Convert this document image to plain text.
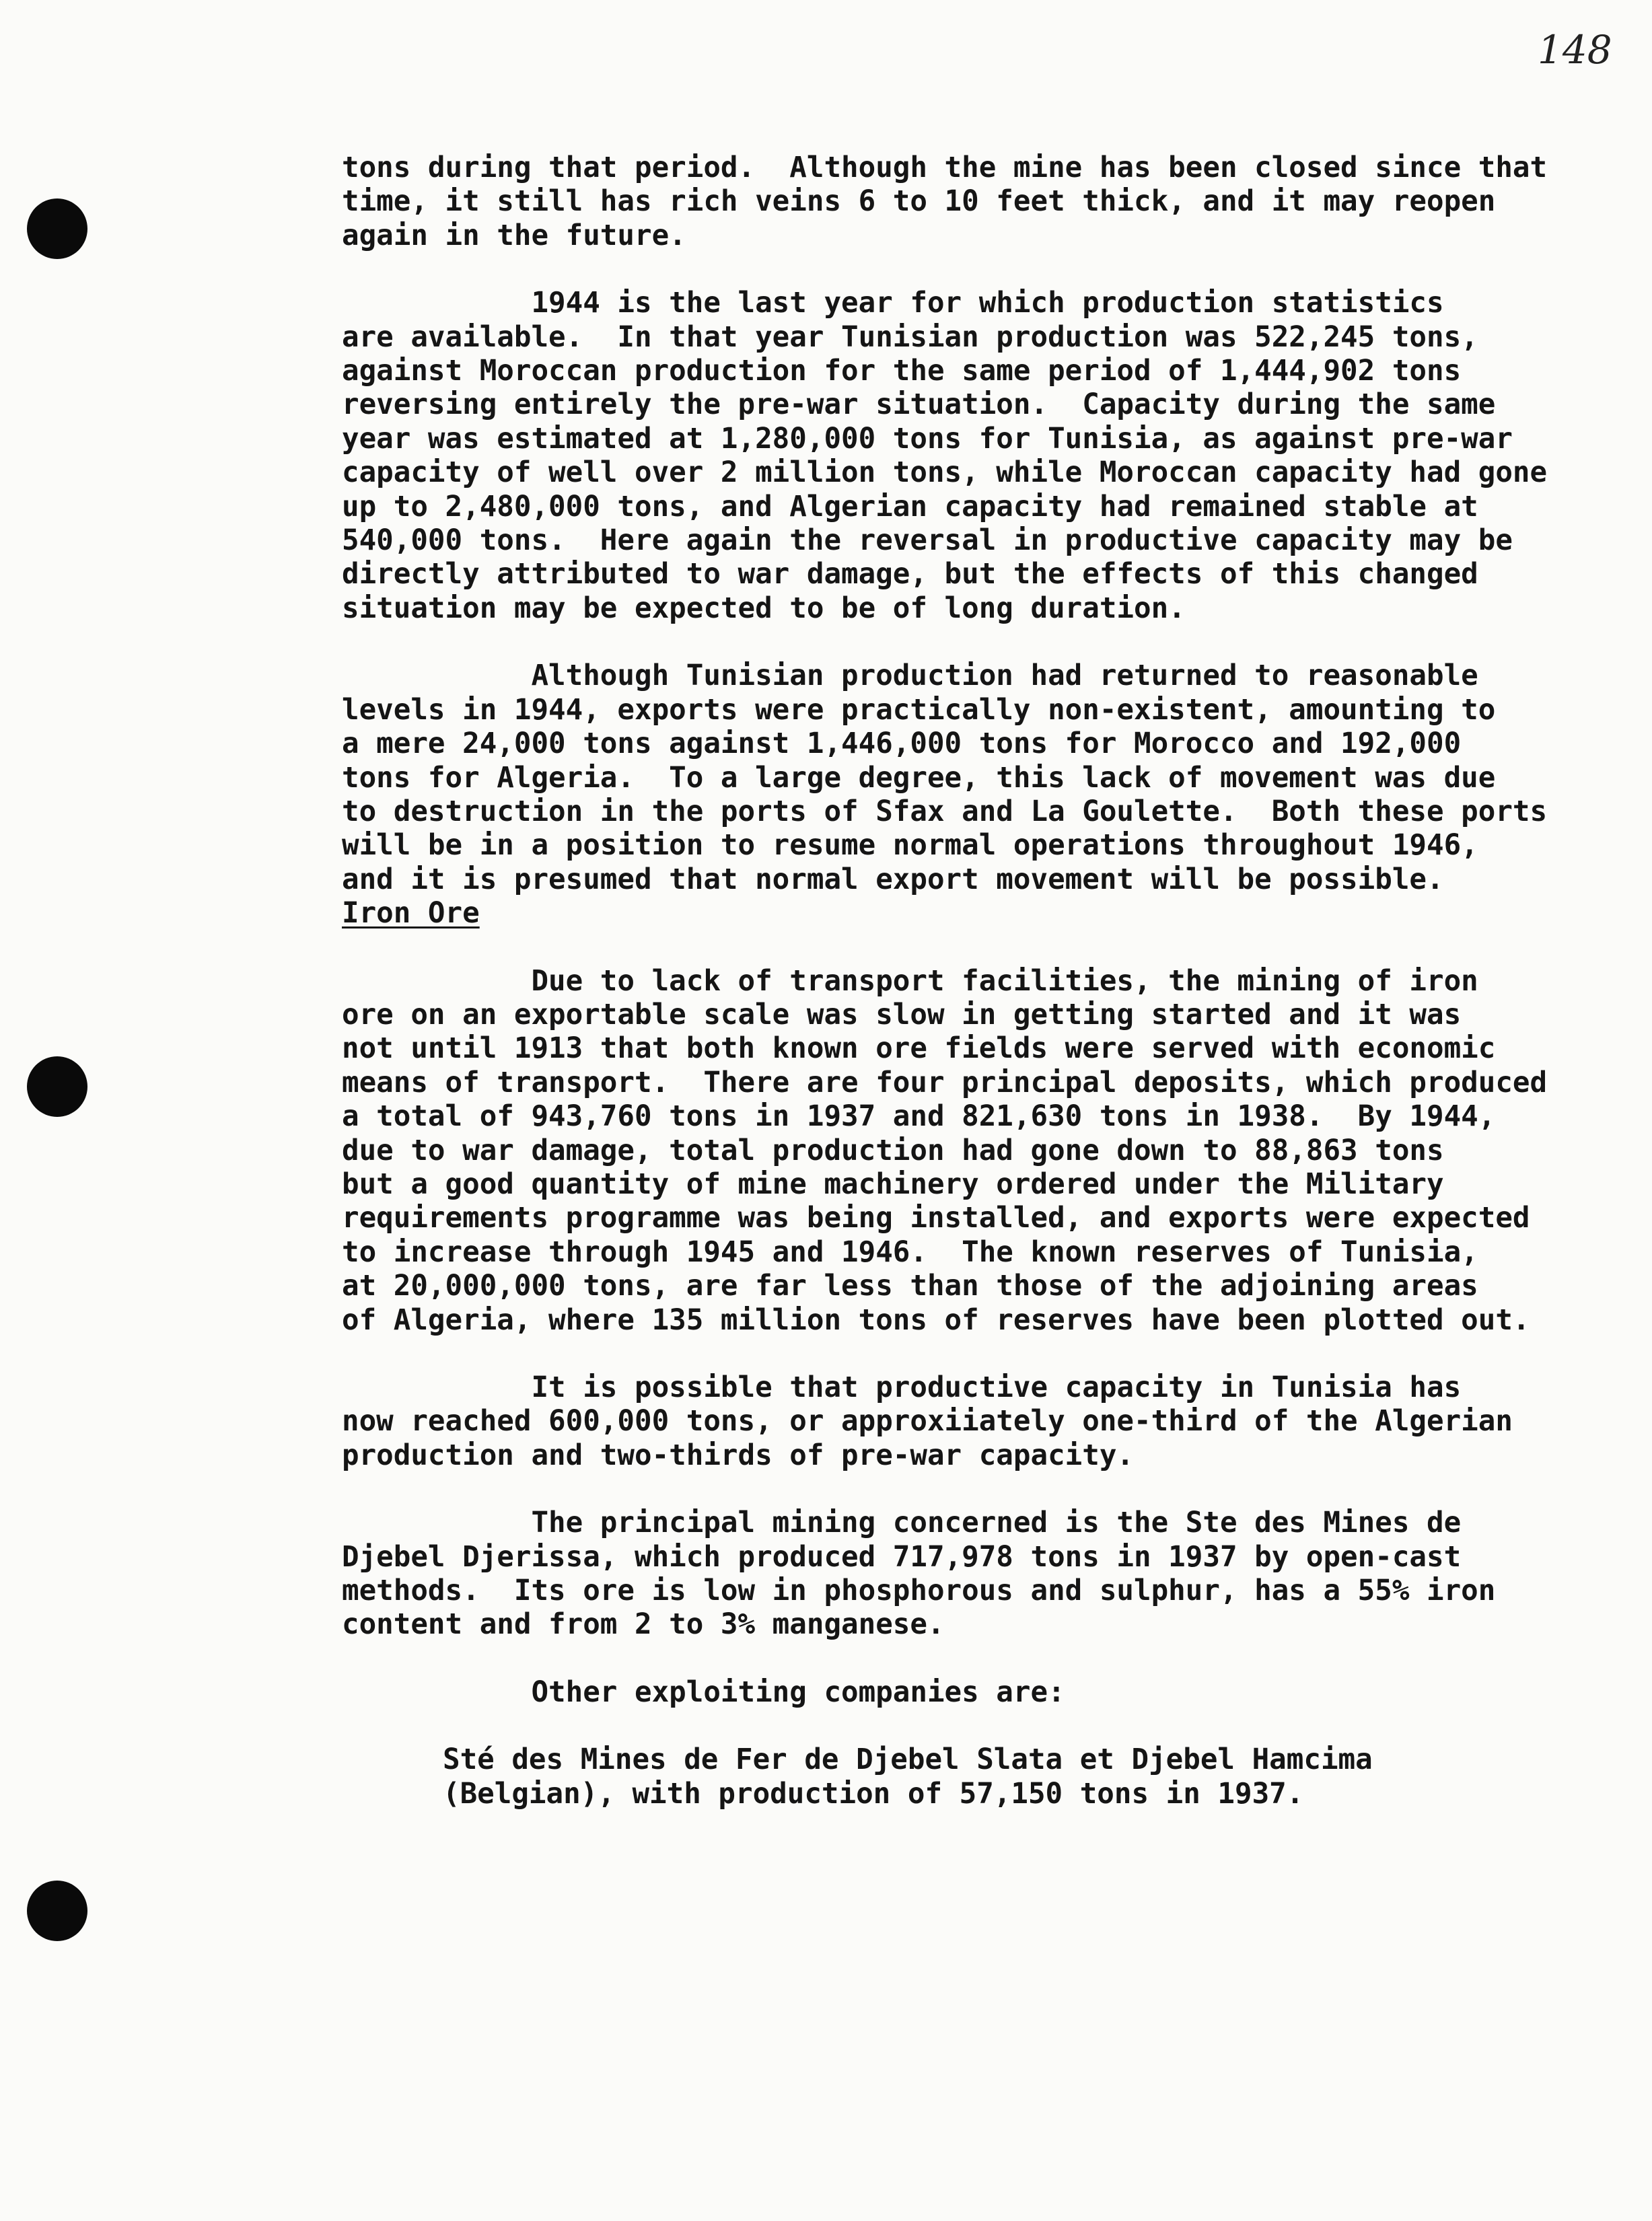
148

tons during that period.  Although the mine has been closed since that
time, it still has rich veins 6 to 10 feet thick, and it may reopen
again in the future.

1944 is the last year for which production statistics
are available.  In that year Tunisian production was 522,245 tons,
against Moroccan production for the same period of 1,444,902 tons
reversing entirely the pre-war situation.  Capacity during the same
year was estimated at 1,280,000 tons for Tunisia, as against pre-war
capacity of well over 2 million tons, while Moroccan capacity had gone
up to 2,480,000 tons, and Algerian capacity had remained stable at
540,000 tons.  Here again the reversal in productive capacity may be
directly attributed to war damage, but the effects of this changed
situation may be expected to be of long duration.

Although Tunisian production had returned to reasonable
levels in 1944, exports were practically non-existent, amounting to
a mere 24,000 tons against 1,446,000 tons for Morocco and 192,000
tons for Algeria.  To a large degree, this lack of movement was due
to destruction in the ports of Sfax and La Goulette.  Both these ports
will be in a position to resume normal operations throughout 1946,
and it is presumed that normal export movement will be possible.

Iron Ore

Due to lack of transport facilities, the mining of iron
ore on an exportable scale was slow in getting started and it was
not until 1913 that both known ore fields were served with economic
means of transport.  There are four principal deposits, which produced
a total of 943,760 tons in 1937 and 821,630 tons in 1938.  By 1944,
due to war damage, total production had gone down to 88,863 tons
but a good quantity of mine machinery ordered under the Military
requirements programme was being installed, and exports were expected
to increase through 1945 and 1946.  The known reserves of Tunisia,
at 20,000,000 tons, are far less than those of the adjoining areas
of Algeria, where 135 million tons of reserves have been plotted out.

It is possible that productive capacity in Tunisia has
now reached 600,000 tons, or approxiiately one-third of the Algerian
production and two-thirds of pre-war capacity.

The principal mining concerned is the Ste des Mines de
Djebel Djerissa, which produced 717,978 tons in 1937 by open-cast
methods.  Its ore is low in phosphorous and sulphur, has a 55% iron
content and from 2 to 3% manganese.

Other exploiting companies are:

Sté des Mines de Fer de Djebel Slata et Djebel Hamcima
(Belgian), with production of 57,150 tons in 1937.
